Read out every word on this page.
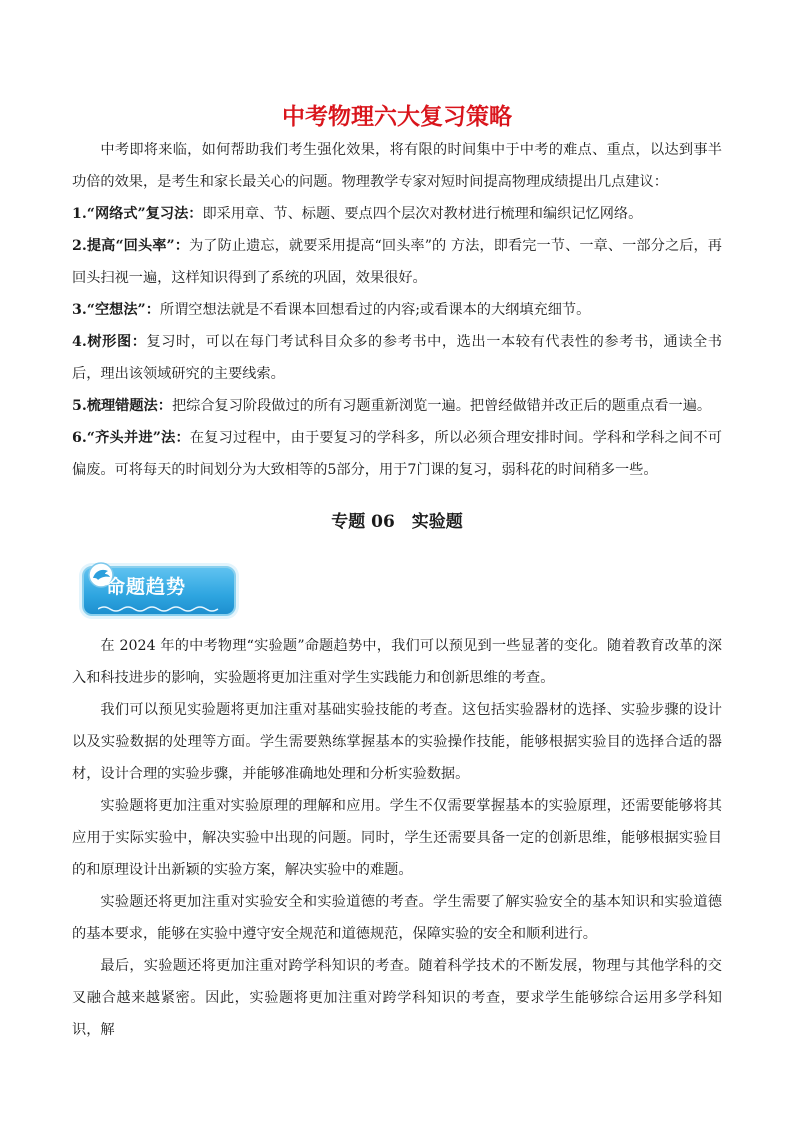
中考物理六大复习策略

中考即将来临，如何帮助我们考生强化效果，将有限的时间集中于中考的难点、重点，以达到事半功倍的效果，是考生和家长最关心的问题。物理教学专家对短时间提高物理成绩提出几点建议：

1.“网络式”复习法：即采用章、节、标题、要点四个层次对教材进行梳理和编织记忆网络。

2.提高“回头率”：为了防止遗忘，就要采用提高“回头率”的 方法，即看完一节、一章、一部分之后，再回头扫视一遍，这样知识得到了系统的巩固，效果很好。

3.“空想法”：所谓空想法就是不看课本回想看过的内容;或看课本的大纲填充细节。

4.树形图：复习时，可以在每门考试科目众多的参考书中，选出一本较有代表性的参考书，通读全书后，理出该领域研究的主要线索。

5.梳理错题法：把综合复习阶段做过的所有习题重新浏览一遍。把曾经做错并改正后的题重点看一遍。

6.“齐头并进”法：在复习过程中，由于要复习的学科多，所以必须合理安排时间。学科和学科之间不可偏废。可将每天的时间划分为大致相等的5部分，用于7门课的复习，弱科花的时间稍多一些。

专题 06　实验题
命题趋势

在 2024 年的中考物理“实验题”命题趋势中，我们可以预见到一些显著的变化。随着教育改革的深入和科技进步的影响，实验题将更加注重对学生实践能力和创新思维的考查。

我们可以预见实验题将更加注重对基础实验技能的考查。这包括实验器材的选择、实验步骤的设计以及实验数据的处理等方面。学生需要熟练掌握基本的实验操作技能，能够根据实验目的选择合适的器材，设计合理的实验步骤，并能够准确地处理和分析实验数据。

实验题将更加注重对实验原理的理解和应用。学生不仅需要掌握基本的实验原理，还需要能够将其应用于实际实验中，解决实验中出现的问题。同时，学生还需要具备一定的创新思维，能够根据实验目的和原理设计出新颖的实验方案，解决实验中的难题。

实验题还将更加注重对实验安全和实验道德的考查。学生需要了解实验安全的基本知识和实验道德的基本要求，能够在实验中遵守安全规范和道德规范，保障实验的安全和顺利进行。

最后，实验题还将更加注重对跨学科知识的考查。随着科学技术的不断发展，物理与其他学科的交叉融合越来越紧密。因此，实验题将更加注重对跨学科知识的考查，要求学生能够综合运用多学科知识，解
